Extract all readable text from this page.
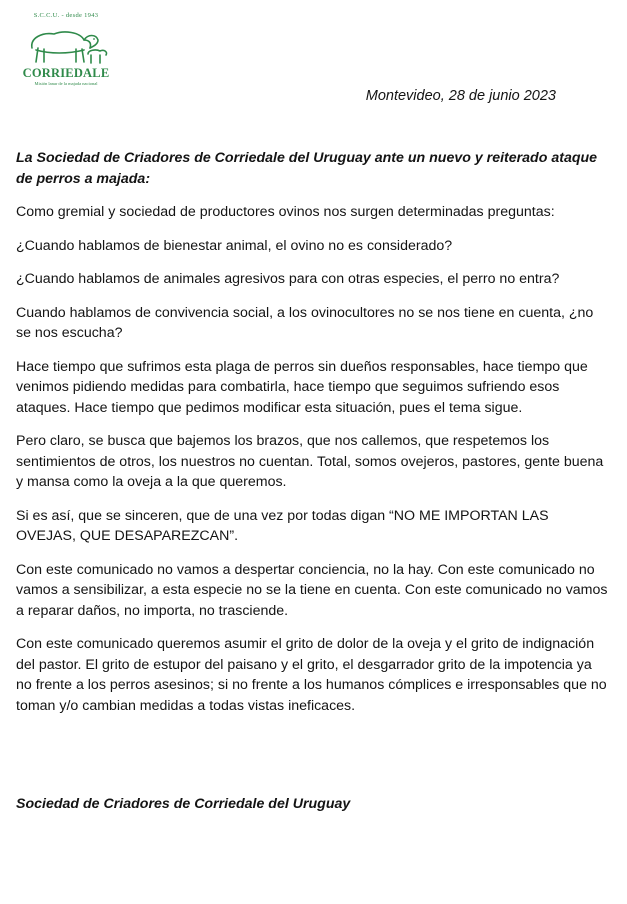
S.C.C.U. - desde 1943
CORRIEDALE
Misión lanar de la majada nacional
Montevideo, 28 de junio 2023

La Sociedad de Criadores de Corriedale del Uruguay ante un nuevo y reiterado ataque de perros a majada:

Como gremial y sociedad de productores ovinos nos surgen determinadas preguntas:

¿Cuando hablamos de bienestar animal, el ovino no es considerado?

¿Cuando hablamos de animales agresivos para con otras especies, el perro no entra?

Cuando hablamos de convivencia social, a los ovinocultores no se nos tiene en cuenta, ¿no se nos escucha?

Hace tiempo que sufrimos esta plaga de perros sin dueños responsables, hace tiempo que venimos pidiendo medidas para combatirla, hace tiempo que seguimos sufriendo esos ataques. Hace tiempo que pedimos modificar esta situación, pues el tema sigue.

Pero claro, se busca que bajemos los brazos, que nos callemos, que respetemos los sentimientos de otros, los nuestros no cuentan. Total, somos ovejeros, pastores, gente buena y mansa como la oveja a la que queremos.

Si es así, que se sinceren, que de una vez por todas digan “NO ME IMPORTAN LAS OVEJAS, QUE DESAPAREZCAN”.

Con este comunicado no vamos a despertar conciencia, no la hay. Con este comunicado no vamos a sensibilizar, a esta especie no se la tiene en cuenta. Con este comunicado no vamos a reparar daños, no importa, no trasciende.

Con este comunicado queremos asumir el grito de dolor de la oveja y el grito de indignación del pastor. El grito de estupor del paisano y el grito, el desgarrador grito de la impotencia ya no frente a los perros asesinos; si no frente a los humanos cómplices e irresponsables que no toman y/o cambian medidas a todas vistas ineficaces.

Sociedad de Criadores de Corriedale del Uruguay
